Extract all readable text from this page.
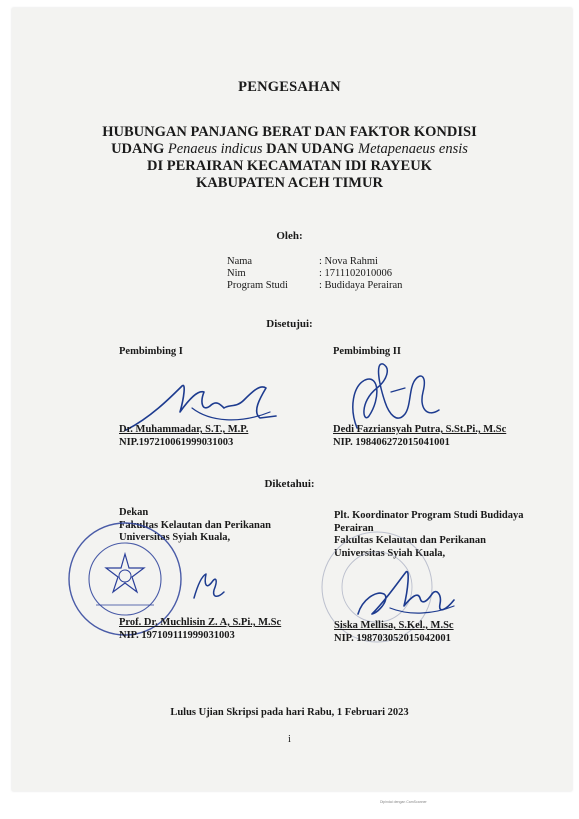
PENGESAHAN
HUBUNGAN PANJANG BERAT DAN FAKTOR KONDISI
UDANG Penaeus indicus DAN UDANG Metapenaeus ensis
DI PERAIRAN KECAMATAN IDI RAYEUK
KABUPATEN ACEH TIMUR
Oleh:
Nama	: Nova Rahmi
Nim	: 1711102010006
Program Studi	: Budidaya Perairan
Disetujui:
Pembimbing I	Pembimbing II
Dr. Muhammadar, S.T., M.P.
NIP.197210061999031003
Dedi Fazriansyah Putra, S.St.Pi., M.Sc
NIP. 198406272015041001
Diketahui:
Dekan
Fakultas Kelautan dan Perikanan
Universitas Syiah Kuala,
Plt. Koordinator Program Studi Budidaya
Perairan
Fakultas Kelautan dan Perikanan
Universitas Syiah Kuala,
Prof. Dr. Muchlisin Z. A, S.Pi., M.Sc
NIP. 197109111999031003
Siska Mellisa, S.Kel., M.Sc
NIP. 198703052015042001
Lulus Ujian Skripsi pada hari Rabu, 1 Februari 2023
i
Dipindai dengan CamScanner
